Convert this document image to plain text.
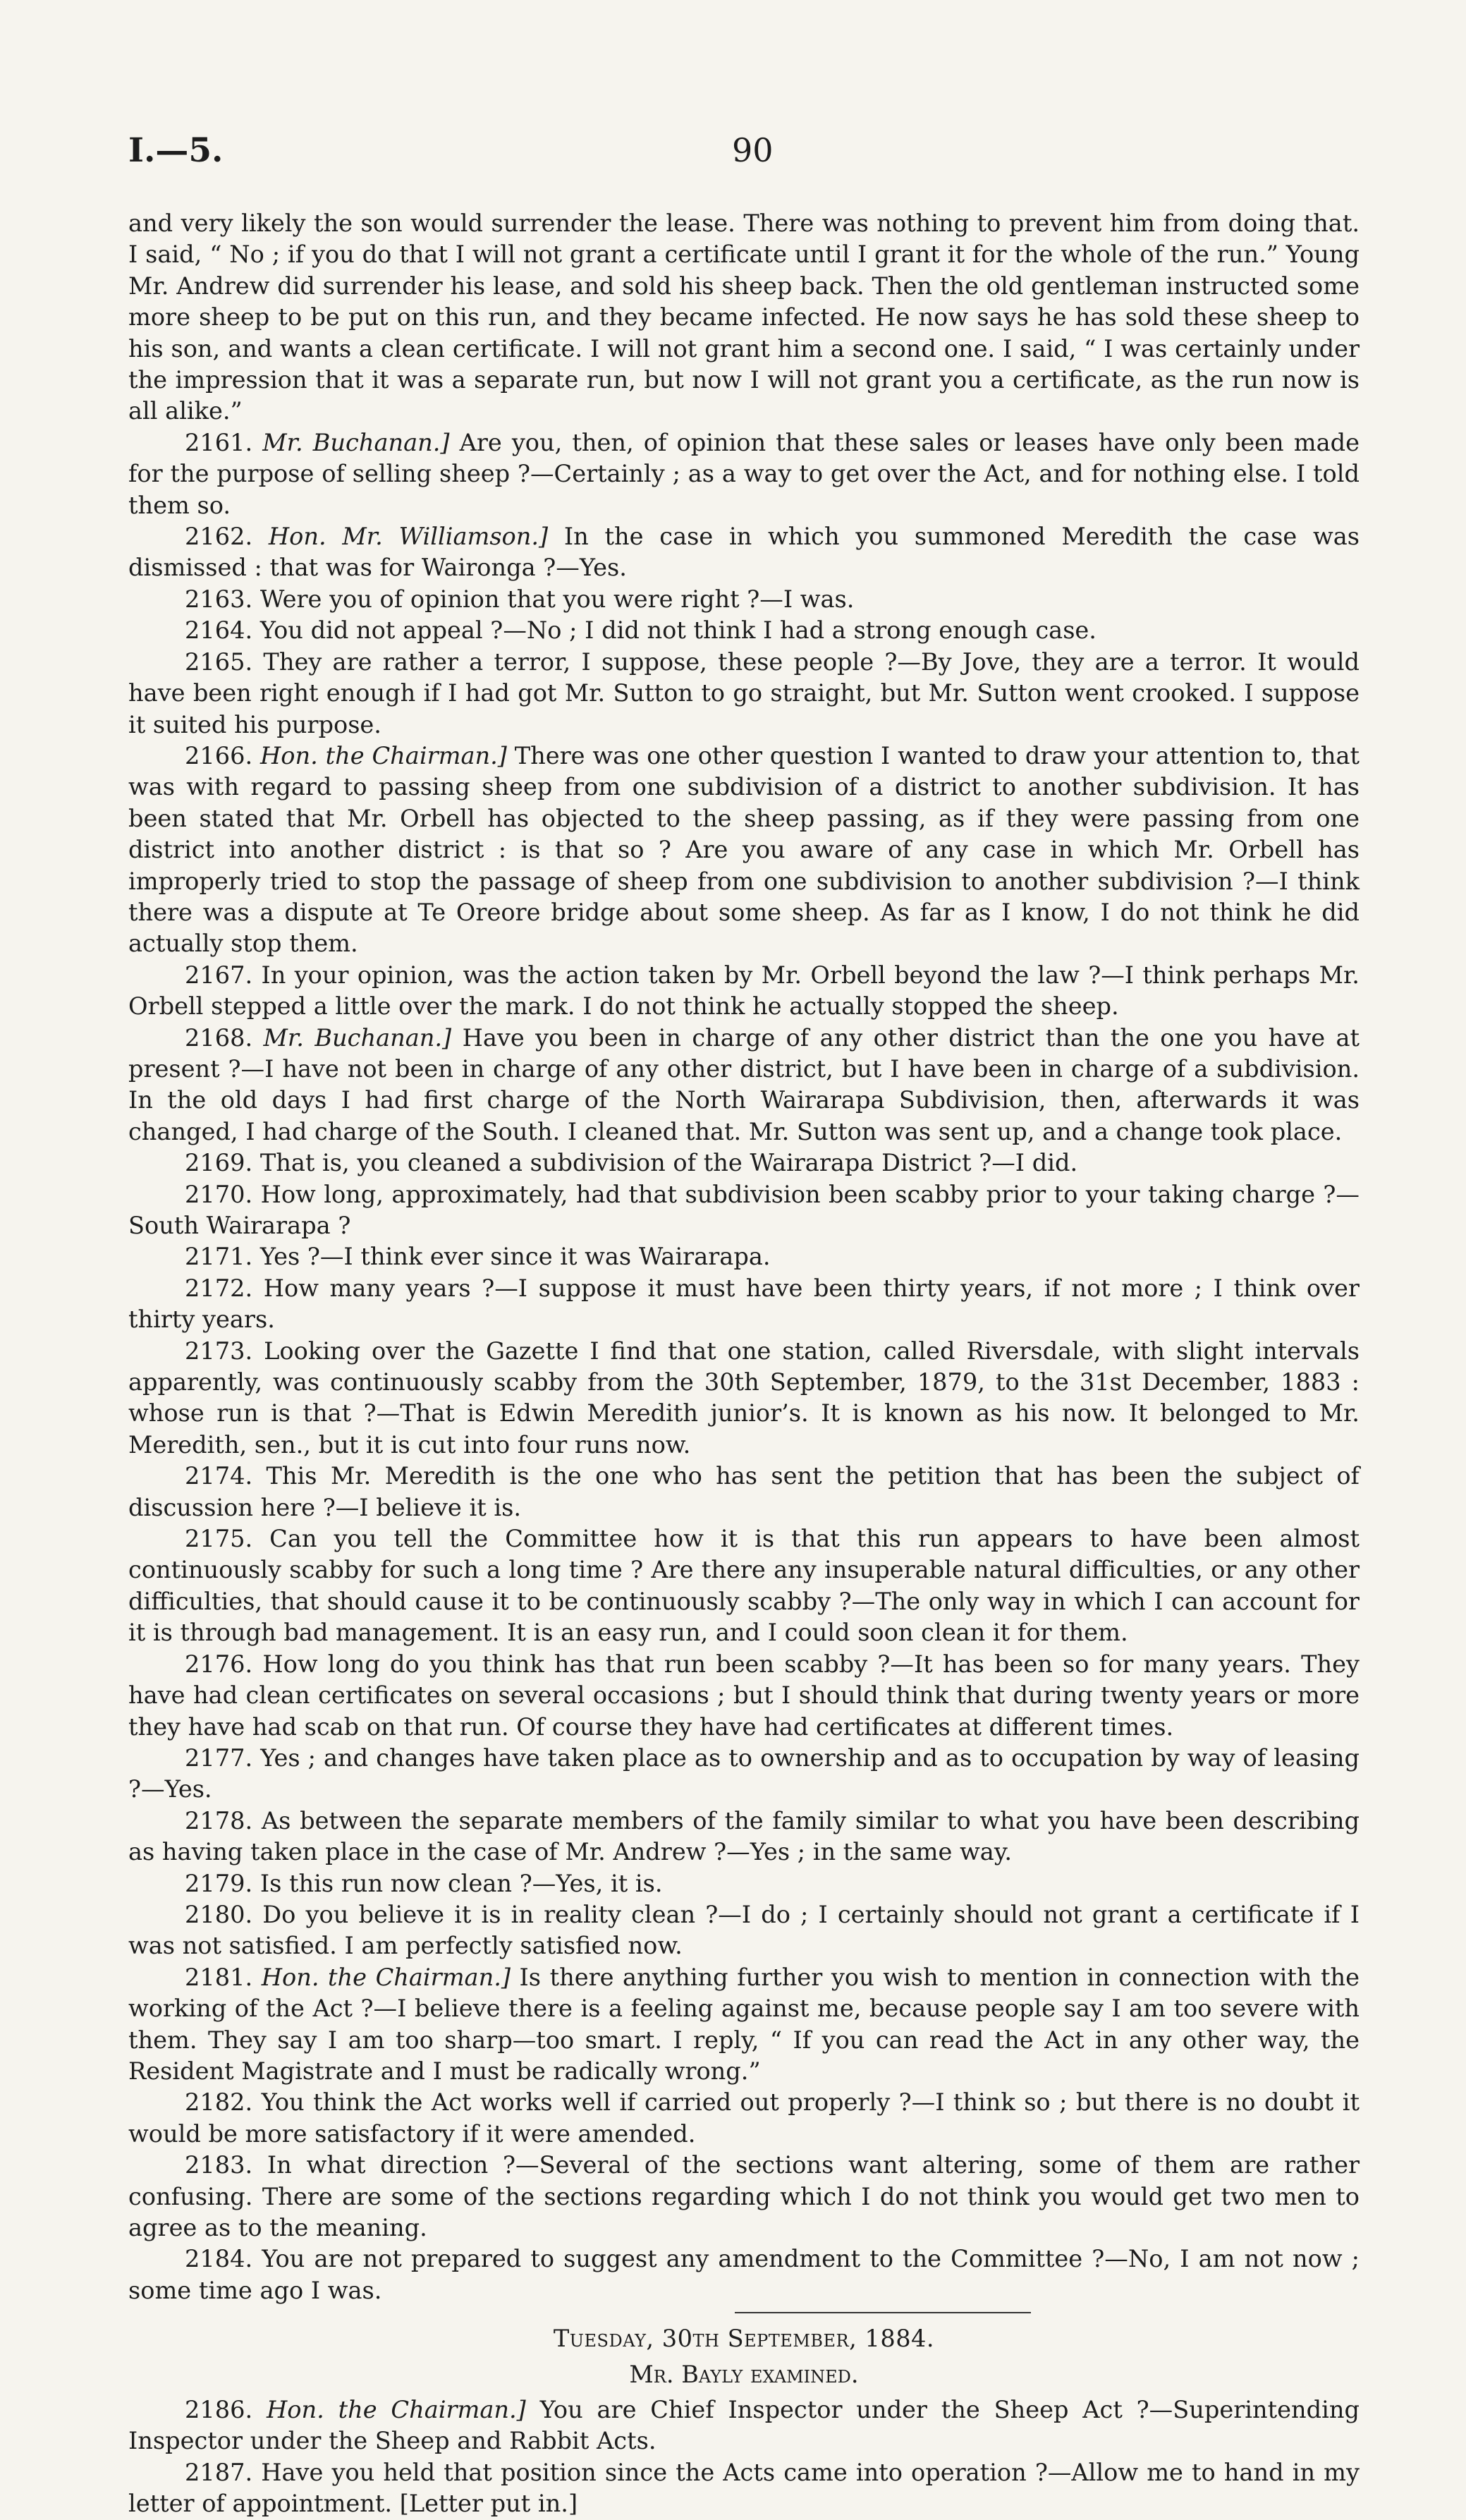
I.—5.	90

and very likely the son would surrender the lease. There was nothing to prevent him from doing that. I said, “ No ; if you do that I will not grant a certificate until I grant it for the whole of the run.” Young Mr. Andrew did surrender his lease, and sold his sheep back. Then the old gentleman instructed some more sheep to be put on this run, and they became infected. He now says he has sold these sheep to his son, and wants a clean certificate. I will not grant him a second one. I said, “ I was certainly under the impression that it was a separate run, but now I will not grant you a certificate, as the run now is all alike.”

2161. Mr. Buchanan.] Are you, then, of opinion that these sales or leases have only been made for the purpose of selling sheep ?—Certainly ; as a way to get over the Act, and for nothing else. I told them so.

2162. Hon. Mr. Williamson.] In the case in which you summoned Meredith the case was dismissed : that was for Waironga ?—Yes.

2163. Were you of opinion that you were right ?—I was.

2164. You did not appeal ?—No ; I did not think I had a strong enough case.

2165. They are rather a terror, I suppose, these people ?—By Jove, they are a terror. It would have been right enough if I had got Mr. Sutton to go straight, but Mr. Sutton went crooked. I suppose it suited his purpose.

2166. Hon. the Chairman.] There was one other question I wanted to draw your attention to, that was with regard to passing sheep from one subdivision of a district to another subdivision. It has been stated that Mr. Orbell has objected to the sheep passing, as if they were passing from one district into another district : is that so ? Are you aware of any case in which Mr. Orbell has improperly tried to stop the passage of sheep from one subdivision to another subdivision ?—I think there was a dispute at Te Oreore bridge about some sheep. As far as I know, I do not think he did actually stop them.

2167. In your opinion, was the action taken by Mr. Orbell beyond the law ?—I think perhaps Mr. Orbell stepped a little over the mark. I do not think he actually stopped the sheep.

2168. Mr. Buchanan.] Have you been in charge of any other district than the one you have at present ?—I have not been in charge of any other district, but I have been in charge of a subdivision. In the old days I had first charge of the North Wairarapa Subdivision, then, afterwards it was changed, I had charge of the South. I cleaned that. Mr. Sutton was sent up, and a change took place.

2169. That is, you cleaned a subdivision of the Wairarapa District ?—I did.

2170. How long, approximately, had that subdivision been scabby prior to your taking charge ?—South Wairarapa ?

2171. Yes ?—I think ever since it was Wairarapa.

2172. How many years ?—I suppose it must have been thirty years, if not more ; I think over thirty years.

2173. Looking over the Gazette I find that one station, called Riversdale, with slight intervals apparently, was continuously scabby from the 30th September, 1879, to the 31st December, 1883 : whose run is that ?—That is Edwin Meredith junior’s. It is known as his now. It belonged to Mr. Meredith, sen., but it is cut into four runs now.

2174. This Mr. Meredith is the one who has sent the petition that has been the subject of discussion here ?—I believe it is.

2175. Can you tell the Committee how it is that this run appears to have been almost continuously scabby for such a long time ? Are there any insuperable natural difficulties, or any other difficulties, that should cause it to be continuously scabby ?—The only way in which I can account for it is through bad management. It is an easy run, and I could soon clean it for them.

2176. How long do you think has that run been scabby ?—It has been so for many years. They have had clean certificates on several occasions ; but I should think that during twenty years or more they have had scab on that run. Of course they have had certificates at different times.

2177. Yes ; and changes have taken place as to ownership and as to occupation by way of leasing ?—Yes.

2178. As between the separate members of the family similar to what you have been describing as having taken place in the case of Mr. Andrew ?—Yes ; in the same way.

2179. Is this run now clean ?—Yes, it is.

2180. Do you believe it is in reality clean ?—I do ; I certainly should not grant a certificate if I was not satisfied. I am perfectly satisfied now.

2181. Hon. the Chairman.] Is there anything further you wish to mention in connection with the working of the Act ?—I believe there is a feeling against me, because people say I am too severe with them. They say I am too sharp—too smart. I reply, “ If you can read the Act in any other way, the Resident Magistrate and I must be radically wrong.”

2182. You think the Act works well if carried out properly ?—I think so ; but there is no doubt it would be more satisfactory if it were amended.

2183. In what direction ?—Several of the sections want altering, some of them are rather confusing. There are some of the sections regarding which I do not think you would get two men to agree as to the meaning.

2184. You are not prepared to suggest any amendment to the Committee ?—No, I am not now ; some time ago I was.

Tuesday, 30th September, 1884.

Mr. Bayly examined.

2186. Hon. the Chairman.] You are Chief Inspector under the Sheep Act ?—Superintending Inspector under the Sheep and Rabbit Acts.

2187. Have you held that position since the Acts came into operation ?—Allow me to hand in my letter of appointment. [Letter put in.]
